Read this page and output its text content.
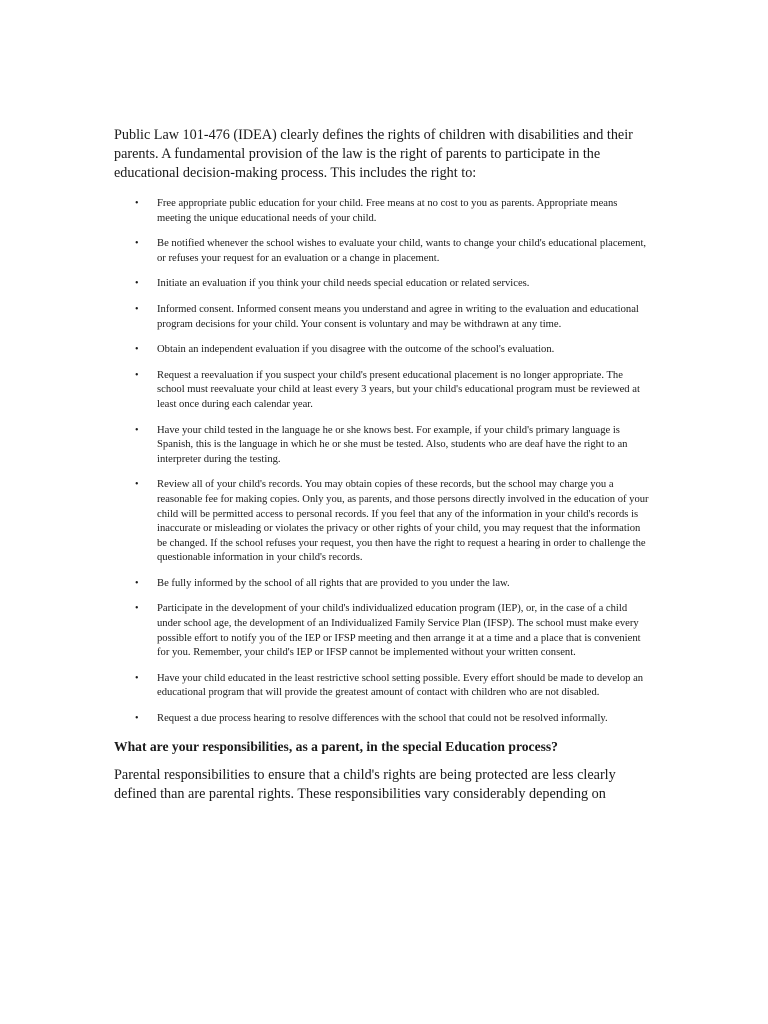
Public Law 101-476 (IDEA) clearly defines the rights of children with disabilities and their parents. A fundamental provision of the law is the right of parents to participate in the educational decision-making process. This includes the right to:

• Free appropriate public education for your child. Free means at no cost to you as parents. Appropriate means meeting the unique educational needs of your child.
• Be notified whenever the school wishes to evaluate your child, wants to change your child's educational placement, or refuses your request for an evaluation or a change in placement.
• Initiate an evaluation if you think your child needs special education or related services.
• Informed consent. Informed consent means you understand and agree in writing to the evaluation and educational program decisions for your child. Your consent is voluntary and may be withdrawn at any time.
• Obtain an independent evaluation if you disagree with the outcome of the school's evaluation.
• Request a reevaluation if you suspect your child's present educational placement is no longer appropriate. The school must reevaluate your child at least every 3 years, but your child's educational program must be reviewed at least once during each calendar year.
• Have your child tested in the language he or she knows best. For example, if your child's primary language is Spanish, this is the language in which he or she must be tested. Also, students who are deaf have the right to an interpreter during the testing.
• Review all of your child's records. You may obtain copies of these records, but the school may charge you a reasonable fee for making copies. Only you, as parents, and those persons directly involved in the education of your child will be permitted access to personal records. If you feel that any of the information in your child's records is inaccurate or misleading or violates the privacy or other rights of your child, you may request that the information be changed. If the school refuses your request, you then have the right to request a hearing in order to challenge the questionable information in your child's records.
• Be fully informed by the school of all rights that are provided to you under the law.
• Participate in the development of your child's individualized education program (IEP), or, in the case of a child under school age, the development of an Individualized Family Service Plan (IFSP). The school must make every possible effort to notify you of the IEP or IFSP meeting and then arrange it at a time and a place that is convenient for you. Remember, your child's IEP or IFSP cannot be implemented without your written consent.
• Have your child educated in the least restrictive school setting possible. Every effort should be made to develop an educational program that will provide the greatest amount of contact with children who are not disabled.
• Request a due process hearing to resolve differences with the school that could not be resolved informally.
What are your responsibilities, as a parent, in the special Education process?

Parental responsibilities to ensure that a child's rights are being protected are less clearly defined than are parental rights. These responsibilities vary considerably depending on
